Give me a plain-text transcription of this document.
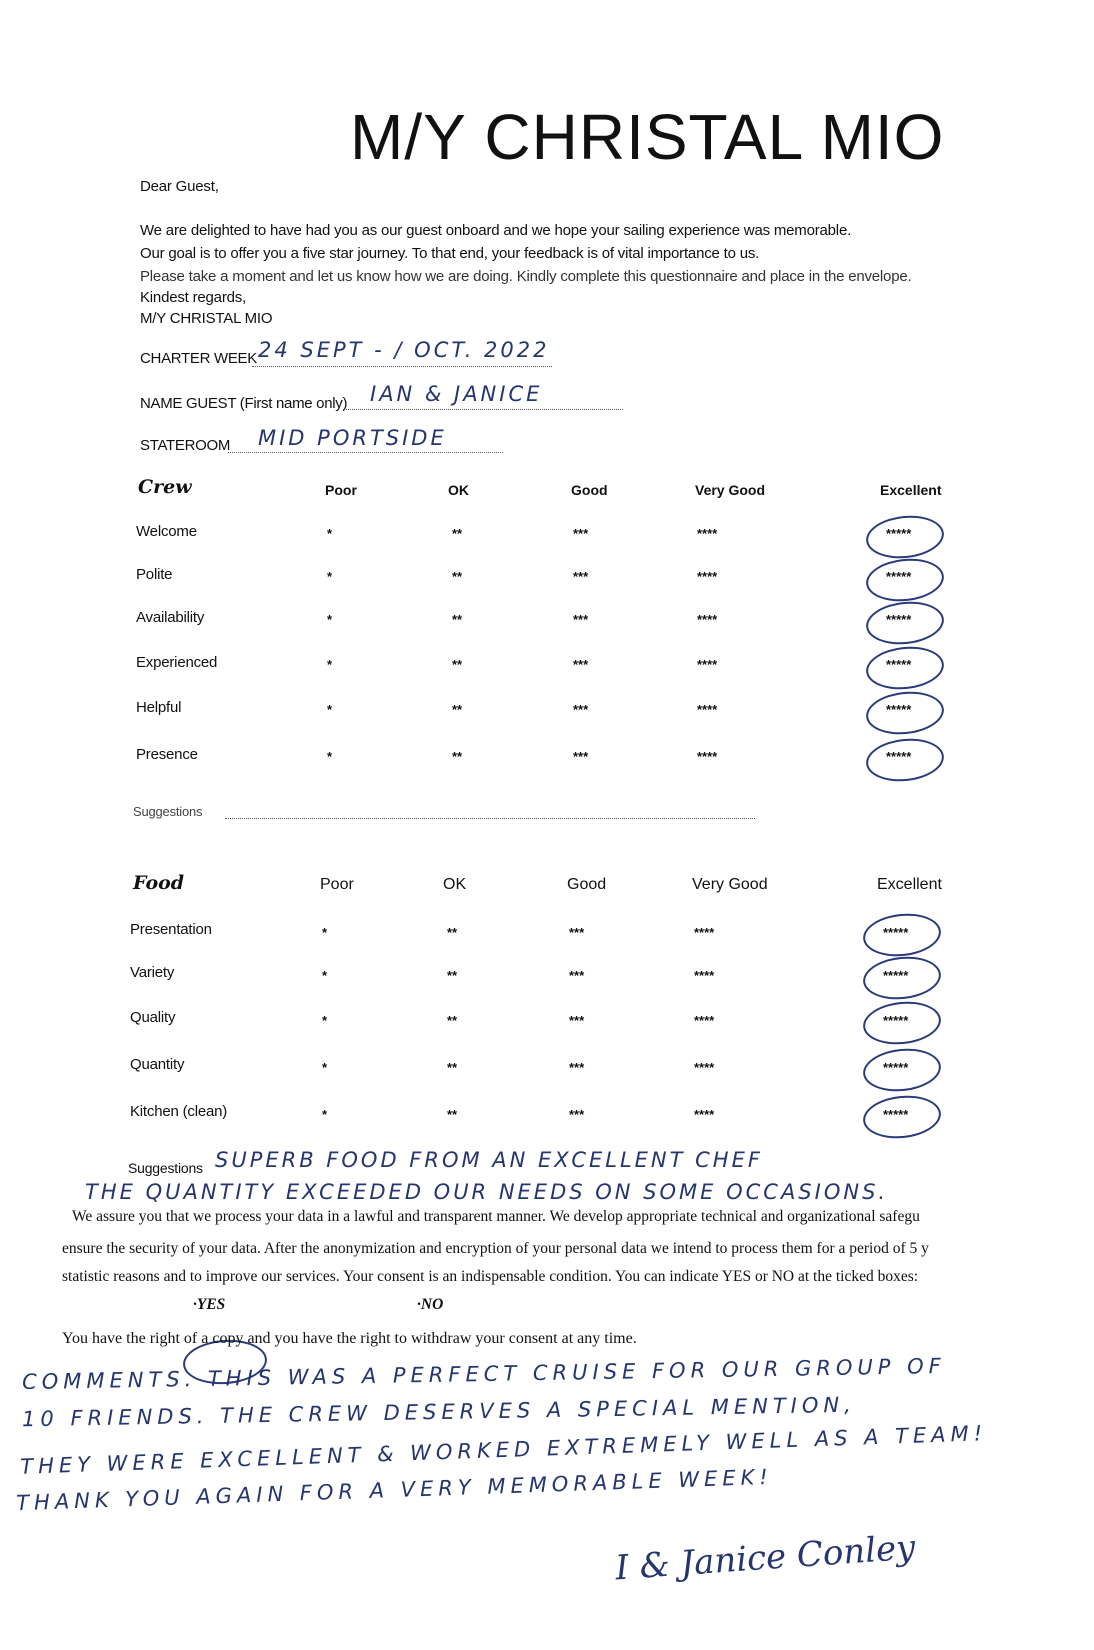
M/Y CHRISTAL MIO
Dear Guest,
We are delighted to have had you as our guest onboard and we hope your sailing experience was memorable.
Our goal is to offer you a five star journey. To that end, your feedback is of vital importance to us.
Please take a moment and let us know how we are doing. Kindly complete this questionnaire and place in the envelope.
Kindest regards,
M/Y CHRISTAL MIO
CHARTER WEEK 24 SEPT - / OCT. 2022
NAME GUEST (First name only) IAN & JANICE
STATEROOM MID PORTSIDE
Crew	Poor	OK	Good	Very Good	Excellent
Welcome	*	**	***	****	*****
Polite	*	**	***	****	*****
Availability	*	**	***	****	*****
Experienced	*	**	***	****	*****
Helpful	*	**	***	****	*****
Presence	*	**	***	****	*****
Suggestions
Food	Poor	OK	Good	Very Good	Excellent
Presentation	*	**	***	****	*****
Variety	*	**	***	****	*****
Quality	*	**	***	****	*****
Quantity	*	**	***	****	*****
Kitchen (clean)	*	**	***	****	*****
Suggestions SUPERB FOOD FROM AN EXCELLENT CHEF
THE QUANTITY EXCEEDED OUR NEEDS ON SOME OCCASIONS.
We assure you that we process your data in a lawful and transparent manner. We develop appropriate technical and organizational safegu
ensure the security of your data. After the anonymization and encryption of your personal data we intend to process them for a period of 5 y
statistic reasons and to improve our services. Your consent is an indispensable condition. You can indicate YES or NO at the ticked boxes:
·YES	·NO
You have the right of a copy and you have the right to withdraw your consent at any time.
COMMENTS. THIS WAS A PERFECT CRUISE FOR OUR GROUP OF
10 FRIENDS. THE CREW DESERVES A SPECIAL MENTION,
THEY WERE EXCELLENT & WORKED EXTREMELY WELL AS A TEAM!
THANK YOU AGAIN FOR A VERY MEMORABLE WEEK!
I & Janice Conley
